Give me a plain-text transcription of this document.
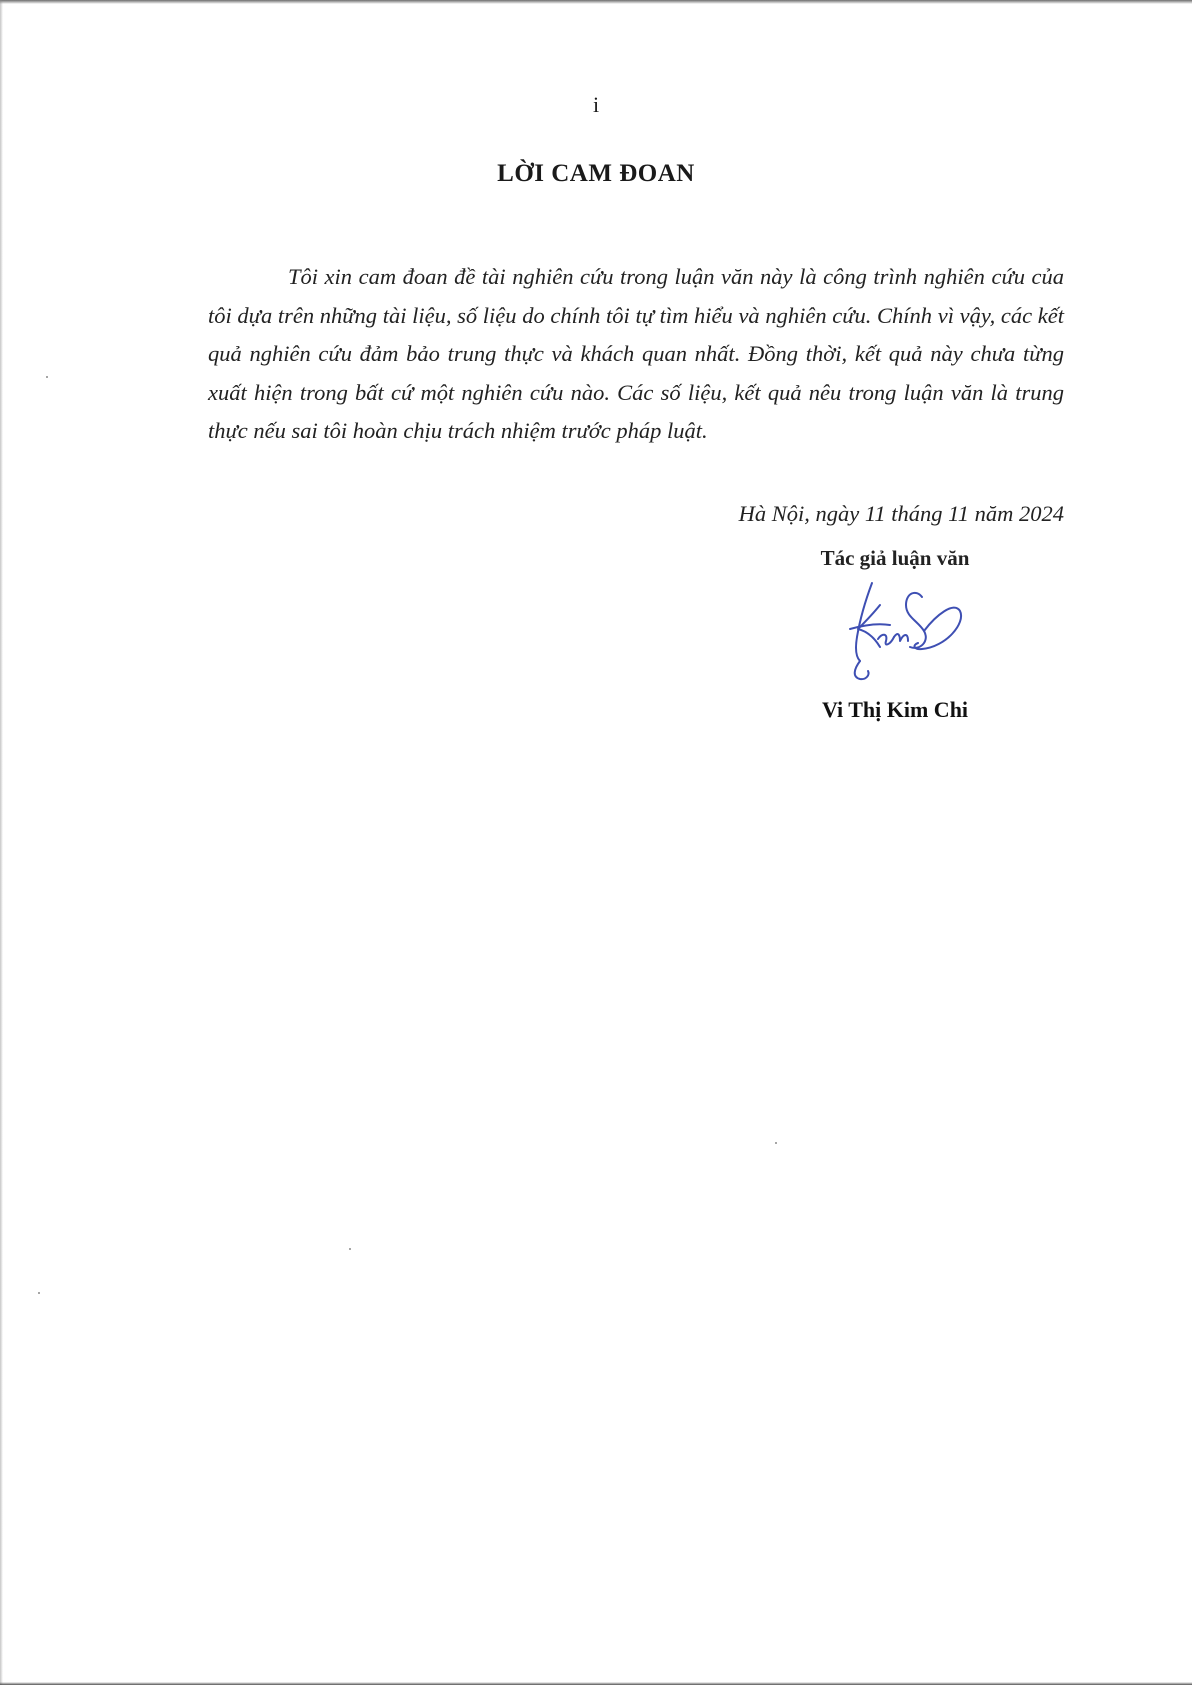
i
LỜI CAM ĐOAN

Tôi xin cam đoan đề tài nghiên cứu trong luận văn này là công trình nghiên cứu của tôi dựa trên những tài liệu, số liệu do chính tôi tự tìm hiểu và nghiên cứu. Chính vì vậy, các kết quả nghiên cứu đảm bảo trung thực và khách quan nhất. Đồng thời, kết quả này chưa từng xuất hiện trong bất cứ một nghiên cứu nào. Các số liệu, kết quả nêu trong luận văn là trung thực nếu sai tôi hoàn chịu trách nhiệm trước pháp luật.

Hà Nội, ngày 11 tháng 11 năm 2024
Tác giả luận văn
Vi Thị Kim Chi
